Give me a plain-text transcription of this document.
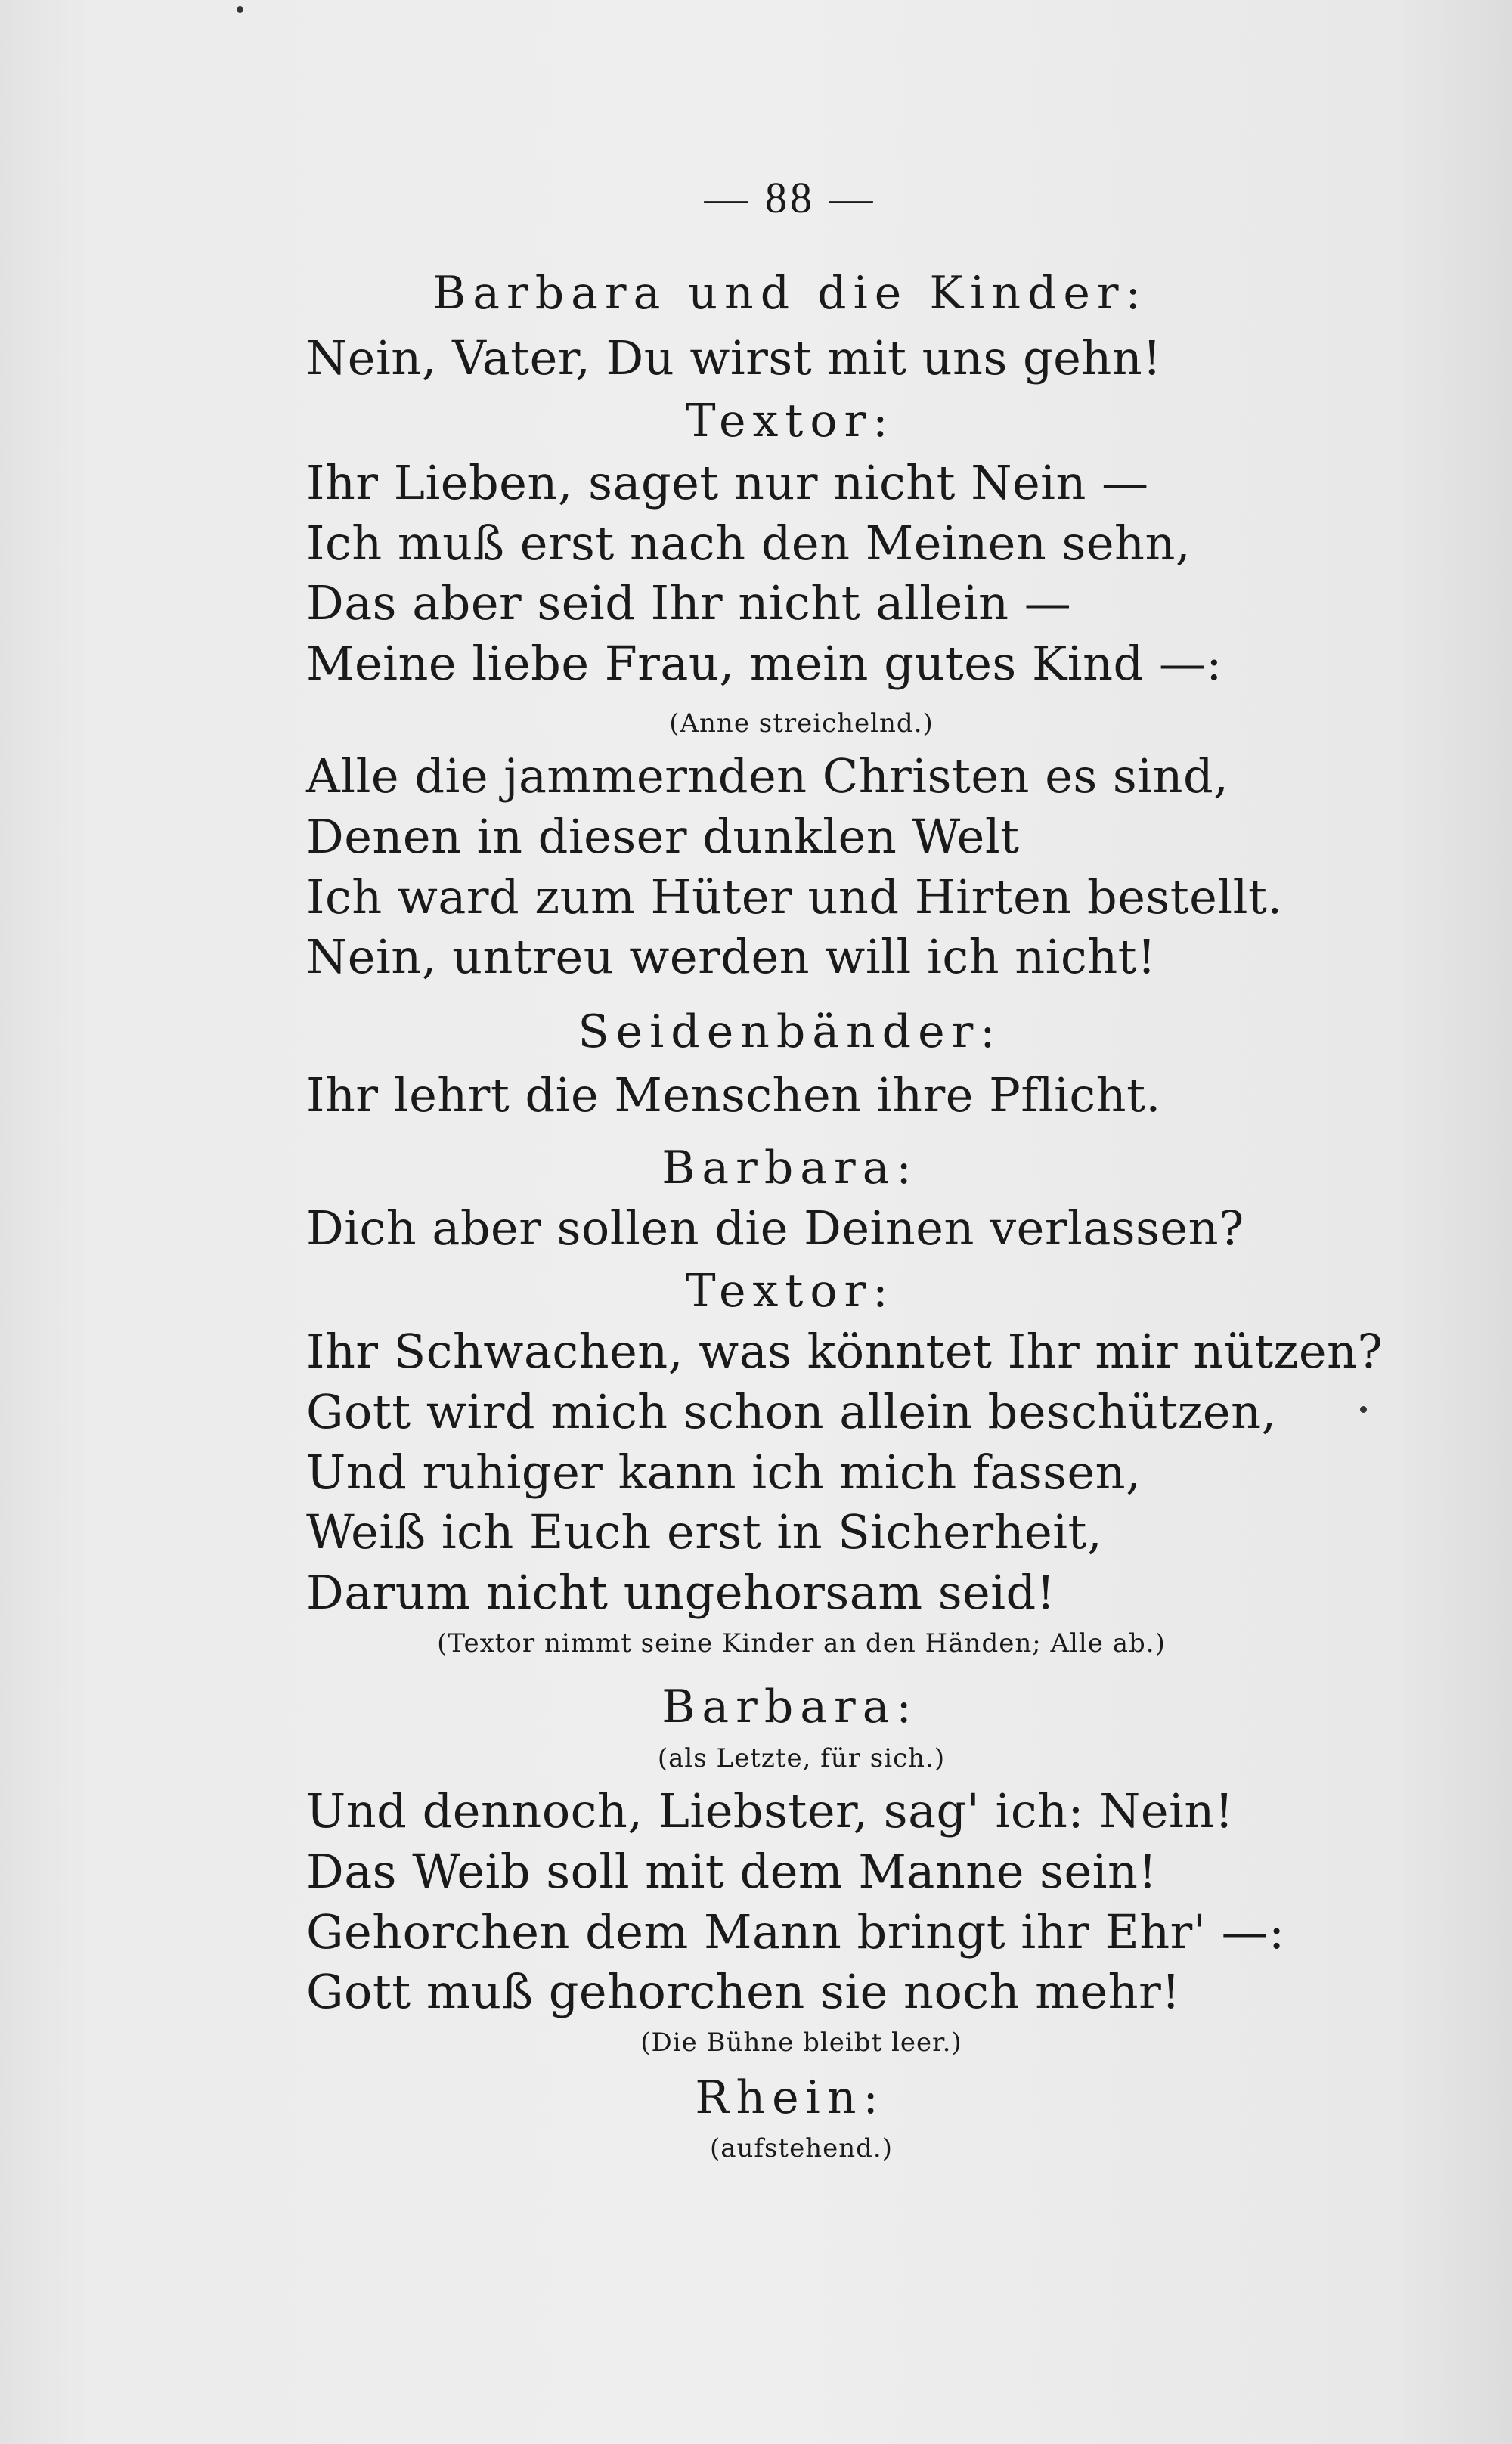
— 88 —
Barbara und die Kinder:
Nein, Vater, Du wirst mit uns gehn!
Textor:
Ihr Lieben, saget nur nicht Nein —
Ich muß erst nach den Meinen sehn,
Das aber seid Ihr nicht allein —
Meine liebe Frau, mein gutes Kind —:
(Anne streichelnd.)
Alle die jammernden Christen es sind,
Denen in dieser dunklen Welt
Ich ward zum Hüter und Hirten bestellt.
Nein, untreu werden will ich nicht!
Seidenbänder:
Ihr lehrt die Menschen ihre Pflicht.
Barbara:
Dich aber sollen die Deinen verlassen?
Textor:
Ihr Schwachen, was könntet Ihr mir nützen?
Gott wird mich schon allein beschützen,
Und ruhiger kann ich mich fassen,
Weiß ich Euch erst in Sicherheit,
Darum nicht ungehorsam seid!
(Textor nimmt seine Kinder an den Händen; Alle ab.)
Barbara:
(als Letzte, für sich.)
Und dennoch, Liebster, sag' ich: Nein!
Das Weib soll mit dem Manne sein!
Gehorchen dem Mann bringt ihr Ehr' —:
Gott muß gehorchen sie noch mehr!
(Die Bühne bleibt leer.)
Rhein:
(aufstehend.)
